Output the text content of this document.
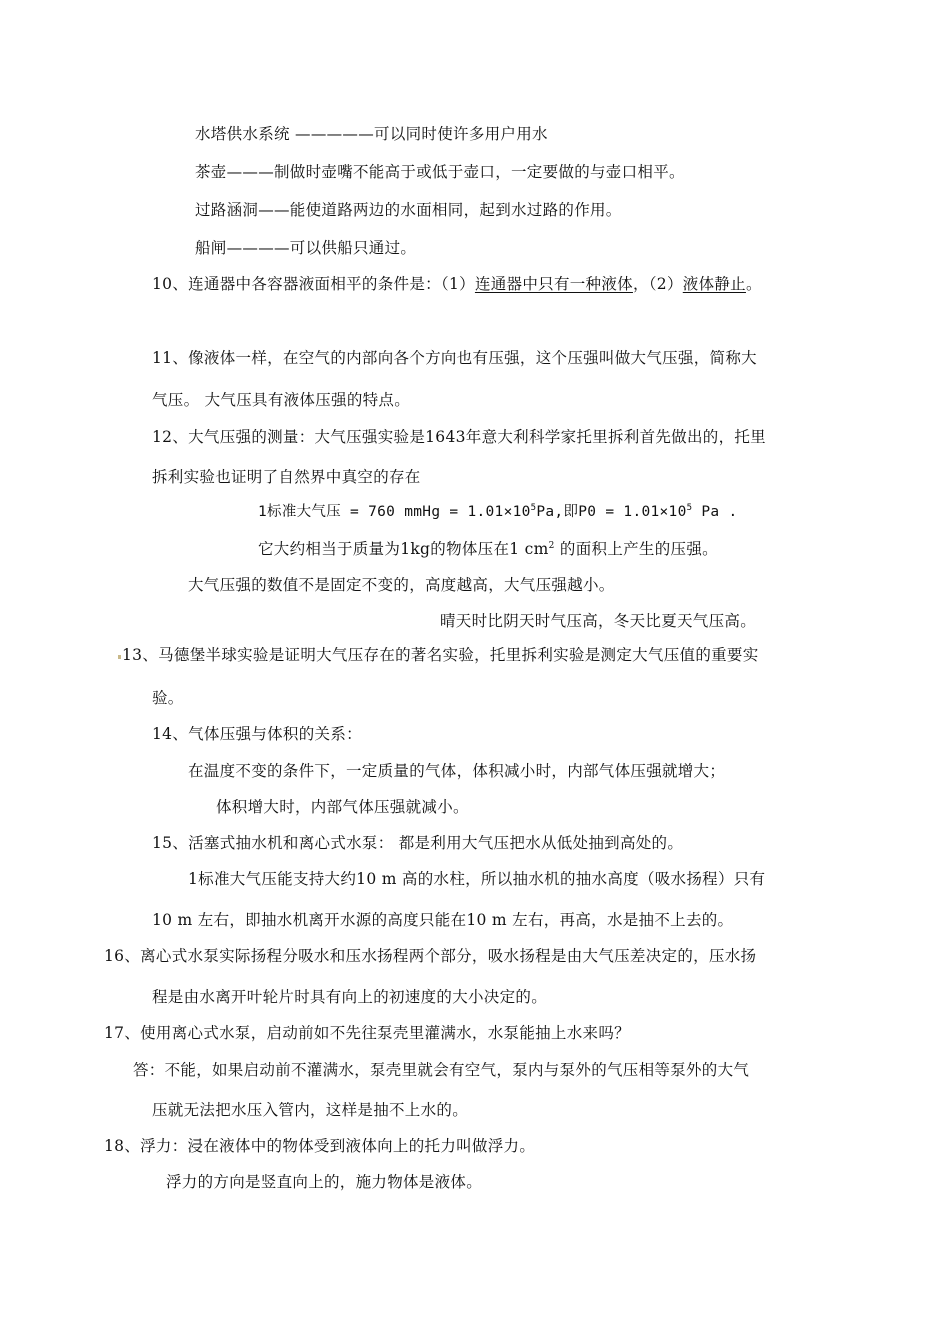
水塔供水系统 —————可以同时使许多用户用水
茶壶———制做时壶嘴不能高于或低于壶口，一定要做的与壶口相平。
过路涵洞——能使道路两边的水面相同，起到水过路的作用。
船闸————可以供船只通过。
10、连通器中各容器液面相平的条件是：（1）连通器中只有一种液体，（2）液体静止。
11、像液体一样，在空气的内部向各个方向也有压强，这个压强叫做大气压强，简称大
气压。 大气压具有液体压强的特点。
12、大气压强的测量：大气压强实验是1643年意大利科学家托里拆利首先做出的，托里
拆利实验也证明了自然界中真空的存在
1标准大气压 = 760 mmHg = $1.01\times 10^5Pa$,即$P0 = 1.01\times 10^5$ Pa .
它大约相当于质量为1kg的物体压在1 $cm^2$ 的面积上产生的压强。
大气压强的数值不是固定不变的，高度越高，大气压强越小。
晴天时比阴天时气压高，冬天比夏天气压高。
13、马德堡半球实验是证明大气压存在的著名实验，托里拆利实验是测定大气压值的重要实
验。
14、气体压强与体积的关系：
在温度不变的条件下，一定质量的气体，体积减小时，内部气体压强就增大；
体积增大时，内部气体压强就减小。
15、活塞式抽水机和离心式水泵： 都是利用大气压把水从低处抽到高处的。
1标准大气压能支持大约10 m 高的水柱，所以抽水机的抽水高度（吸水扬程）只有
10 m 左右，即抽水机离开水源的高度只能在10 m 左右，再高，水是抽不上去的。
16、离心式水泵实际扬程分吸水和压水扬程两个部分，吸水扬程是由大气压差决定的，压水扬
程是由水离开叶轮片时具有向上的初速度的大小决定的。
17、使用离心式水泵，启动前如不先往泵壳里灌满水，水泵能抽上水来吗？
答：不能，如果启动前不灌满水，泵壳里就会有空气，泵内与泵外的气压相等泵外的大气
压就无法把水压入管内，这样是抽不上水的。
18、浮力：浸在液体中的物体受到液体向上的托力叫做浮力。
浮力的方向是竖直向上的，施力物体是液体。
